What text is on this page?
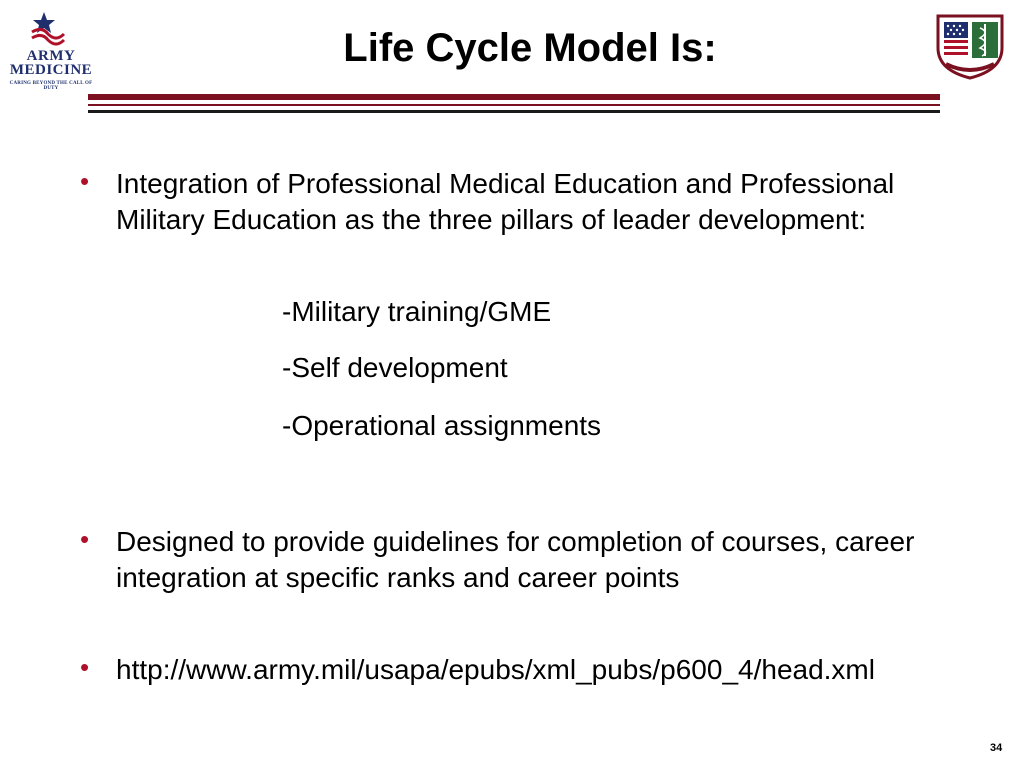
ARMY
MEDICINE
CARING BEYOND THE CALL OF DUTY
Life Cycle Model Is:
• Integration of Professional Medical Education and Professional Military Education as the three pillars of leader development:
• Designed to provide guidelines for completion of courses, career integration at specific ranks and career points
• http://www.army.mil/usapa/epubs/xml_pubs/p600_4/head.xml
-Military training/GME
-Self development
-Operational assignments
34
